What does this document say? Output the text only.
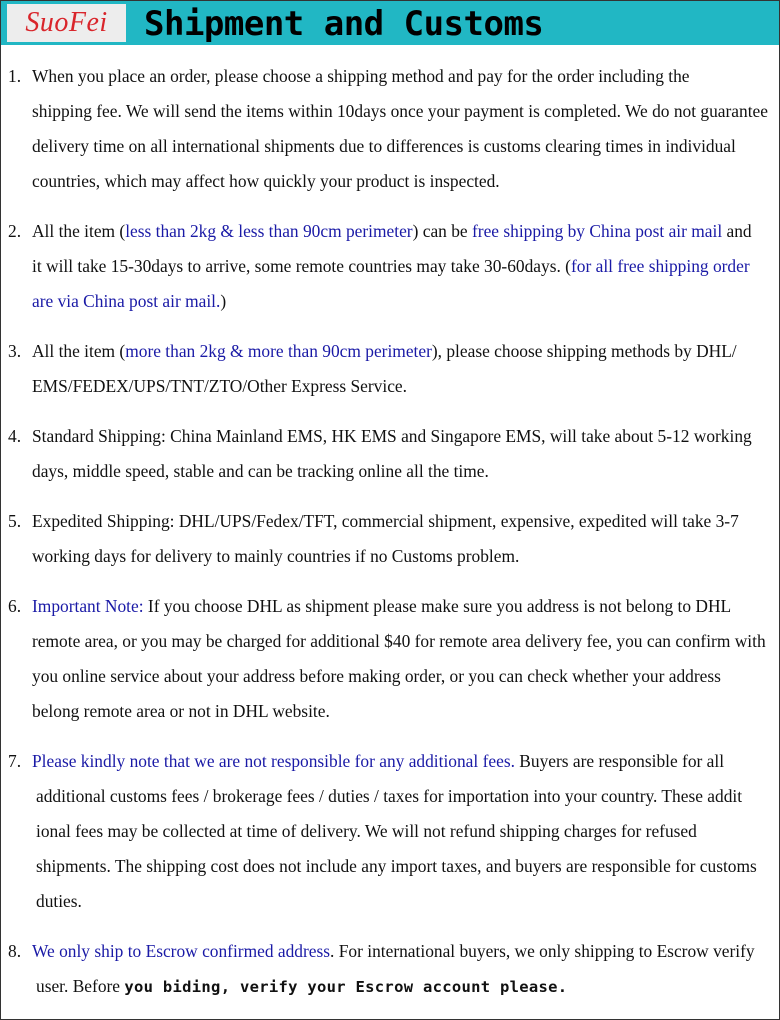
SuoFei	Shipment and Customs
1. When you place an order, please choose a shipping method and pay for the order including the
shipping fee. We will send the items within 10days once your payment is completed. We do not guarantee
delivery time on all international shipments due to differences is customs clearing times in individual
countries, which may affect how quickly your product is inspected.
2. All the item (less than 2kg & less than 90cm perimeter) can be free shipping by China post air mail and
it will take 15-30days to arrive, some remote countries may take 30-60days. (for all free shipping order
are via China post air mail.)
3. All the item (more than 2kg & more than 90cm perimeter), please choose shipping methods by DHL/
EMS/FEDEX/UPS/TNT/ZTO/Other Express Service.
4. Standard Shipping: China Mainland EMS, HK EMS and Singapore EMS, will take about 5-12 working
days, middle speed, stable and can be tracking online all the time.
5. Expedited Shipping: DHL/UPS/Fedex/TFT, commercial shipment, expensive, expedited will take 3-7
working days for delivery to mainly countries if no Customs problem.
6. Important Note: If you choose DHL as shipment please make sure you address is not belong to DHL
remote area, or you may be charged for additional $40 for remote area delivery fee, you can confirm with
you online service about your address before making order, or you can check whether your address
belong remote area or not in DHL website.
7. Please kindly note that we are not responsible for any additional fees. Buyers are responsible for all
additional customs fees / brokerage fees / duties / taxes for importation into your country. These addit
ional fees may be collected at time of delivery. We will not refund shipping charges for refused
shipments. The shipping cost does not include any import taxes, and buyers are responsible for customs
duties.
8. We only ship to Escrow confirmed address. For international buyers, we only shipping to Escrow verify
user. Before you biding, verify your Escrow account please.
